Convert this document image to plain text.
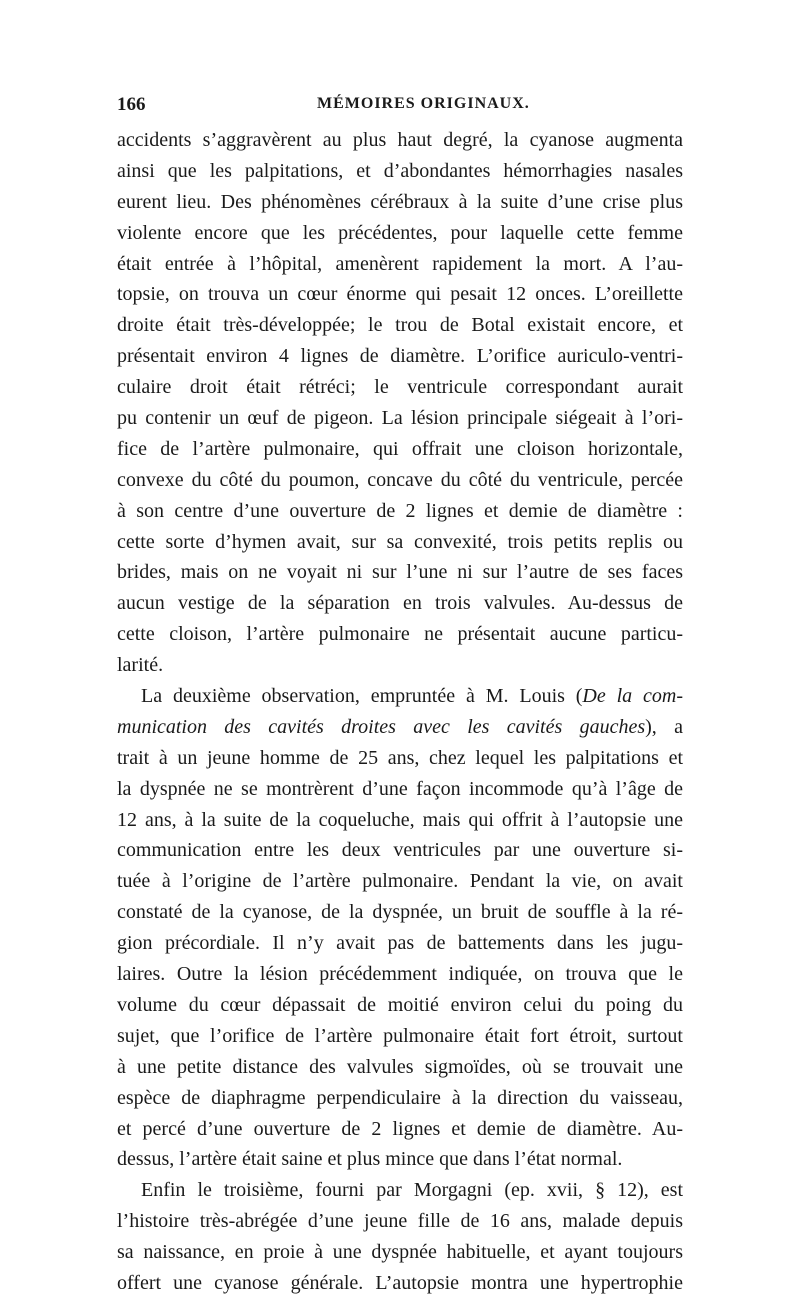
166	MÉMOIRES ORIGINAUX.
accidents s’aggravèrent au plus haut degré, la cyanose augmenta
ainsi que les palpitations, et d’abondantes hémorrhagies nasales
eurent lieu. Des phénomènes cérébraux à la suite d’une crise plus
violente encore que les précédentes, pour laquelle cette femme
était entrée à l’hôpital, amenèrent rapidement la mort. A l’au-
topsie, on trouva un cœur énorme qui pesait 12 onces. L’oreillette
droite était très-développée; le trou de Botal existait encore, et
présentait environ 4 lignes de diamètre. L’orifice auriculo-ventri-
culaire droit était rétréci; le ventricule correspondant aurait
pu contenir un œuf de pigeon. La lésion principale siégeait à l’ori-
fice de l’artère pulmonaire, qui offrait une cloison horizontale,
convexe du côté du poumon, concave du côté du ventricule, percée
à son centre d’une ouverture de 2 lignes et demie de diamètre :
cette sorte d’hymen avait, sur sa convexité, trois petits replis ou
brides, mais on ne voyait ni sur l’une ni sur l’autre de ses faces
aucun vestige de la séparation en trois valvules. Au-dessus de
cette cloison, l’artère pulmonaire ne présentait aucune particu-
larité.
La deuxième observation, empruntée à M. Louis (De la com-
munication des cavités droites avec les cavités gauches), a
trait à un jeune homme de 25 ans, chez lequel les palpitations et
la dyspnée ne se montrèrent d’une façon incommode qu’à l’âge de
12 ans, à la suite de la coqueluche, mais qui offrit à l’autopsie une
communication entre les deux ventricules par une ouverture si-
tuée à l’origine de l’artère pulmonaire. Pendant la vie, on avait
constaté de la cyanose, de la dyspnée, un bruit de souffle à la ré-
gion précordiale. Il n’y avait pas de battements dans les jugu-
laires. Outre la lésion précédemment indiquée, on trouva que le
volume du cœur dépassait de moitié environ celui du poing du
sujet, que l’orifice de l’artère pulmonaire était fort étroit, surtout
à une petite distance des valvules sigmoïdes, où se trouvait une
espèce de diaphragme perpendiculaire à la direction du vaisseau,
et percé d’une ouverture de 2 lignes et demie de diamètre. Au-
dessus, l’artère était saine et plus mince que dans l’état normal.
Enfin le troisième, fourni par Morgagni (ep. xvii, § 12), est
l’histoire très-abrégée d’une jeune fille de 16 ans, malade depuis
sa naissance, en proie à une dyspnée habituelle, et ayant toujours
offert une cyanose générale. L’autopsie montra une hypertrophie
